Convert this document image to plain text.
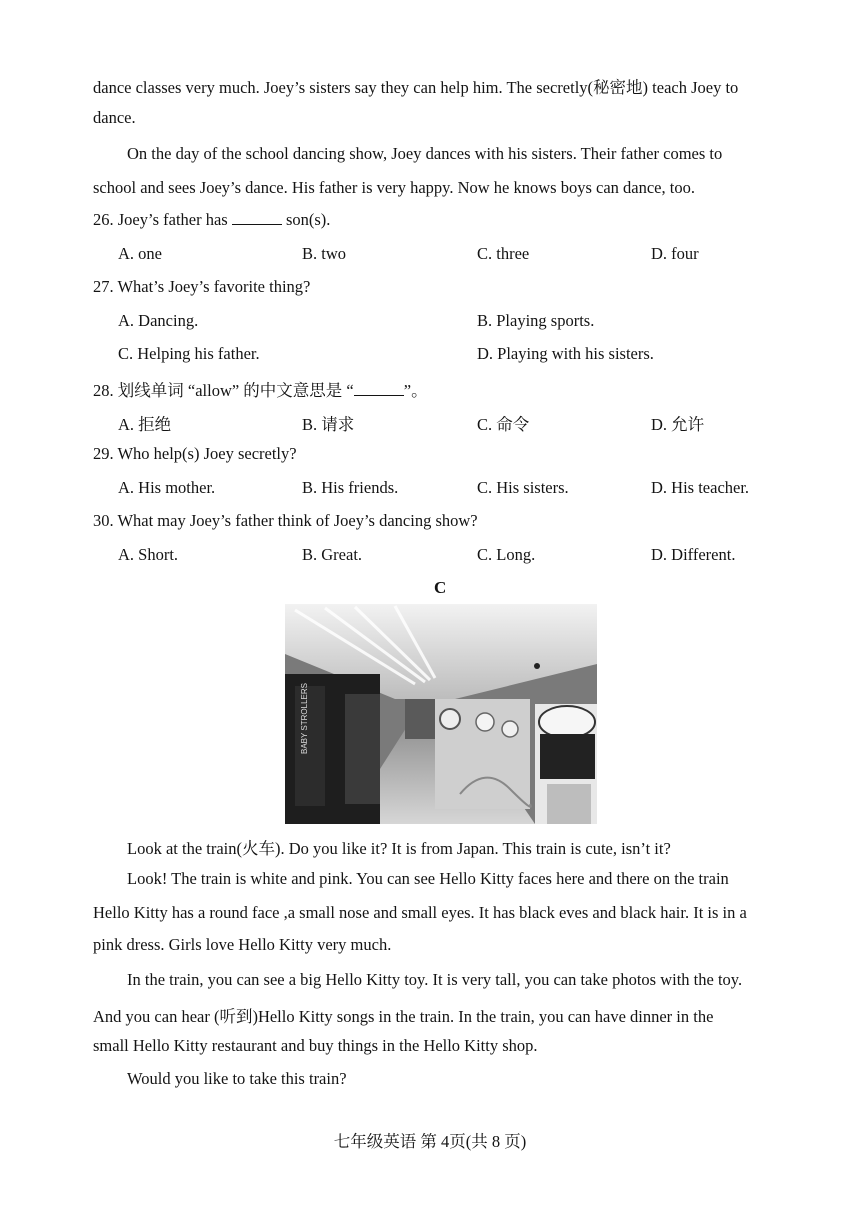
dance classes very much. Joey’s sisters say they can help him. The secretly(秘密地) teach Joey to
dance.
On the day of the school dancing show, Joey dances with his sisters. Their father comes to
school and sees Joey’s dance. His father is very happy. Now he knows boys can dance, too.
26. Joey’s father has	son(s).
A. one	B. two	C. three	D. four
27. What’s Joey’s favorite thing?
A. Dancing.	B. Playing sports.
C. Helping his father.	D. Playing with his sisters.
28. 划线单词 “allow” 的中文意思是 “	”。
A. 拒绝	B. 请求	C. 命令	D. 允许
29. Who help(s) Joey secretly?
A. His mother.	B. His friends.	C. His sisters.	D. His teacher.
30. What may Joey’s father think of Joey’s dancing show?
A. Short.	B. Great.	C. Long.	D. Different.
C
BABY STROLLERS
Look at the train(火车). Do you like it? It is from Japan. This train is cute, isn’t it?
Look! The train is white and pink. You can see Hello Kitty faces here and there on the train
Hello Kitty has a round face ,a small nose and small eyes. It has black eves and black hair. It is in a
pink dress. Girls love Hello Kitty very much.
In the train, you can see a big Hello Kitty toy. It is very tall, you can take photos with the toy.
And you can hear (听到)Hello Kitty songs in the train. In the train, you can have dinner in the
small Hello Kitty restaurant and buy things in the Hello Kitty shop.
Would you like to take this train?
七年级英语 第 4页(共 8 页)
